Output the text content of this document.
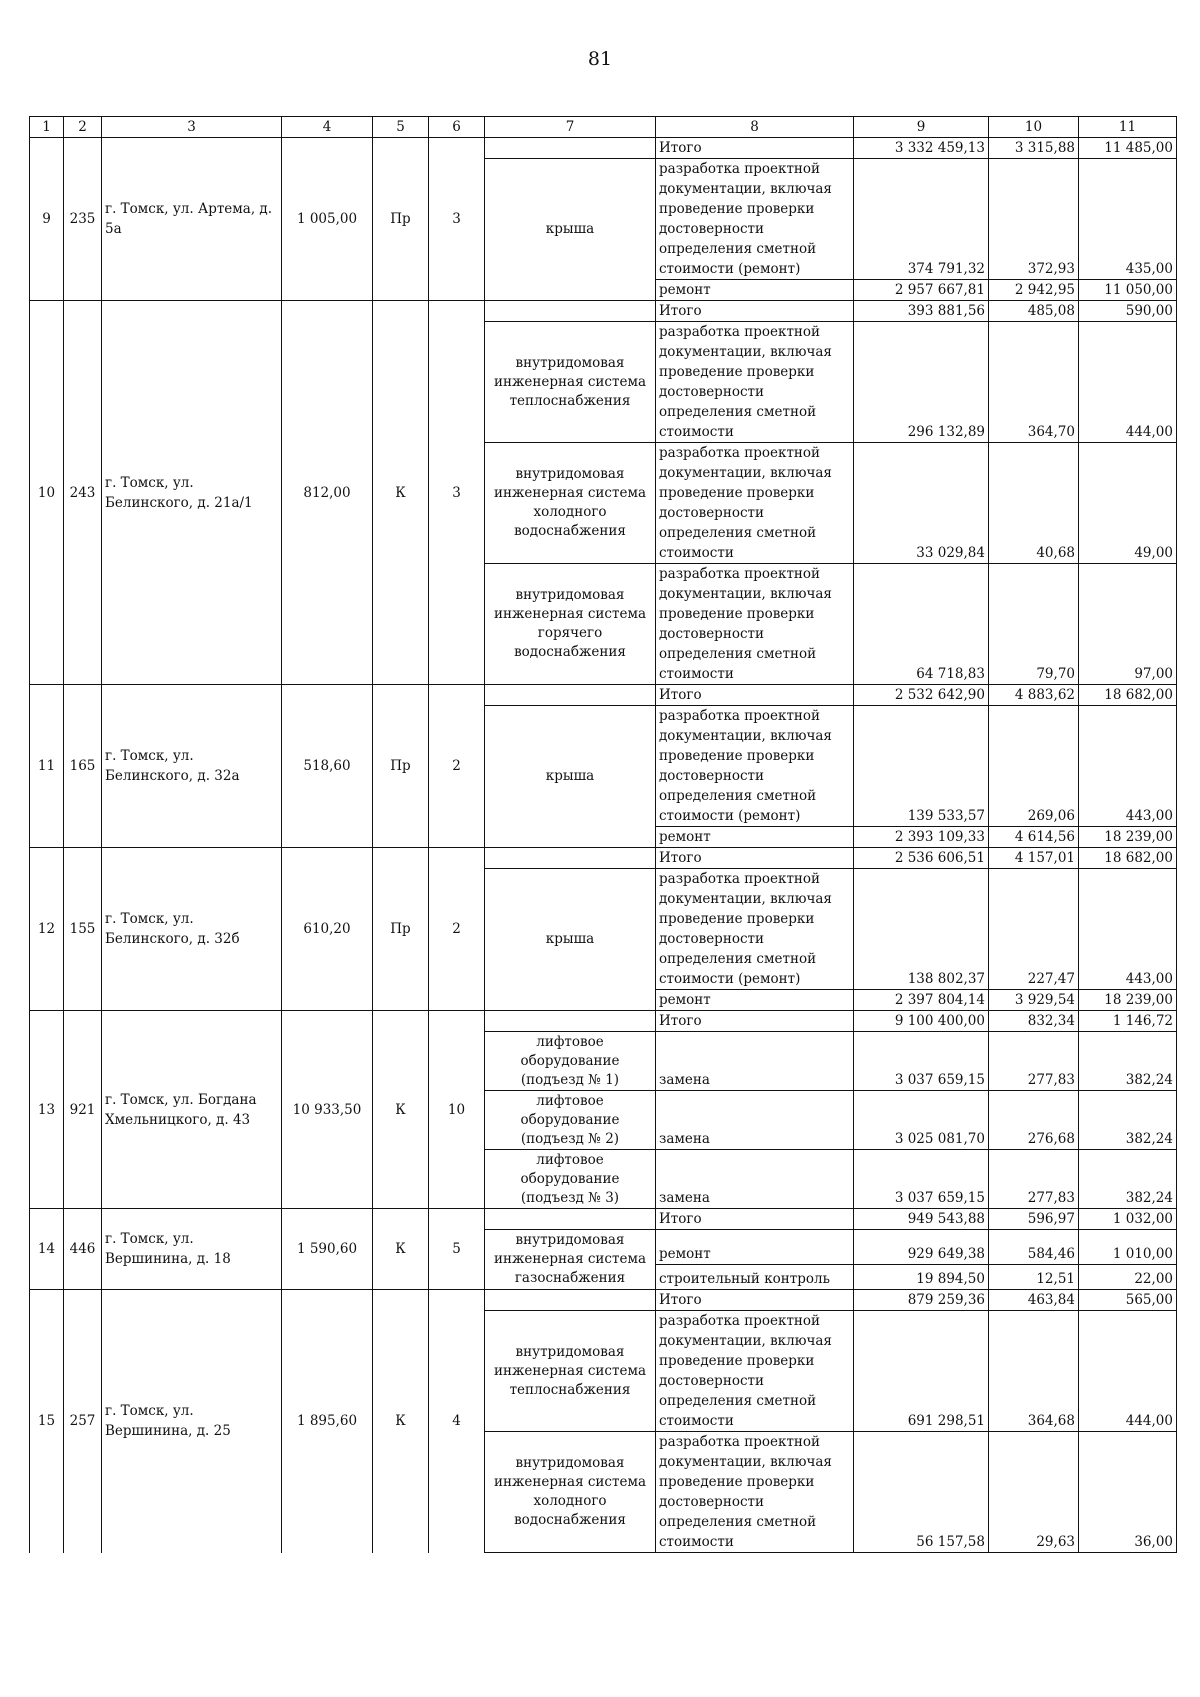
81
1	2	3	4	5	6	7	8	9	10	11
9	235	г. Томск, ул. Артема, д. 5а	1 005,00	Пр	3		Итого	3 332 459,13	3 315,88	11 485,00
						крыша	разработка проектной документации, включая проведение проверки достоверности определения сметной стоимости (ремонт)	374 791,32	372,93	435,00
							ремонт	2 957 667,81	2 942,95	11 050,00
10	243	г. Томск, ул. Белинского, д. 21а/1	812,00	К	3		Итого	393 881,56	485,08	590,00
						внутридомовая инженерная система теплоснабжения	разработка проектной документации, включая проведение проверки достоверности определения сметной стоимости	296 132,89	364,70	444,00
						внутридомовая инженерная система холодного водоснабжения	разработка проектной документации, включая проведение проверки достоверности определения сметной стоимости	33 029,84	40,68	49,00
						внутридомовая инженерная система горячего водоснабжения	разработка проектной документации, включая проведение проверки достоверности определения сметной стоимости	64 718,83	79,70	97,00
11	165	г. Томск, ул. Белинского, д. 32а	518,60	Пр	2		Итого	2 532 642,90	4 883,62	18 682,00
						крыша	разработка проектной документации, включая проведение проверки достоверности определения сметной стоимости (ремонт)	139 533,57	269,06	443,00
							ремонт	2 393 109,33	4 614,56	18 239,00
12	155	г. Томск, ул. Белинского, д. 32б	610,20	Пр	2		Итого	2 536 606,51	4 157,01	18 682,00
						крыша	разработка проектной документации, включая проведение проверки достоверности определения сметной стоимости (ремонт)	138 802,37	227,47	443,00
							ремонт	2 397 804,14	3 929,54	18 239,00
13	921	г. Томск, ул. Богдана Хмельницкого, д. 43	10 933,50	К	10		Итого	9 100 400,00	832,34	1 146,72
						лифтовое оборудование (подъезд № 1)	замена	3 037 659,15	277,83	382,24
						лифтовое оборудование (подъезд № 2)	замена	3 025 081,70	276,68	382,24
						лифтовое оборудование (подъезд № 3)	замена	3 037 659,15	277,83	382,24
14	446	г. Томск, ул. Вершинина, д. 18	1 590,60	К	5		Итого	949 543,88	596,97	1 032,00
						внутридомовая инженерная система газоснабжения	ремонт	929 649,38	584,46	1 010,00
							строительный контроль	19 894,50	12,51	22,00
15	257	г. Томск, ул. Вершинина, д. 25	1 895,60	К	4		Итого	879 259,36	463,84	565,00
						внутридомовая инженерная система теплоснабжения	разработка проектной документации, включая проведение проверки достоверности определения сметной стоимости	691 298,51	364,68	444,00
						внутридомовая инженерная система холодного водоснабжения	разработка проектной документации, включая проведение проверки достоверности определения сметной стоимости	56 157,58	29,63	36,00
